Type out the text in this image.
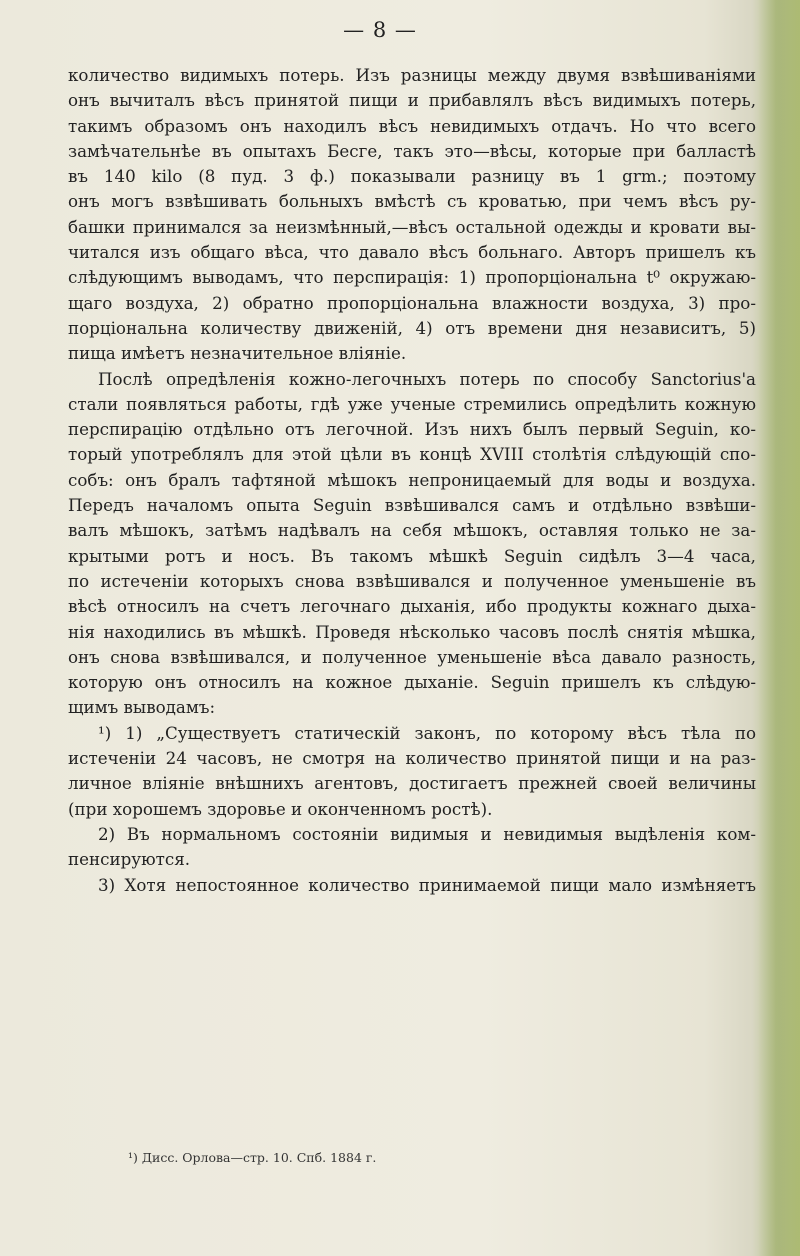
— 8 —

количество видимыхъ потерь. Изъ разницы между двумя взвѣшиваніями
онъ вычиталъ вѣсъ принятой пищи и прибавлялъ вѣсъ видимыхъ потерь,
такимъ образомъ онъ находилъ вѣсъ невидимыхъ отдачъ. Но что всего
замѣчательнѣе въ опытахъ Бесге, такъ это—вѣсы, которые при балластѣ
въ 140 kilo (8 пуд. 3 ф.) показывали разницу въ 1 grm.; поэтому
онъ могъ взвѣшивать больныхъ вмѣстѣ съ кроватью, при чемъ вѣсъ ру-
башки принимался за неизмѣнный,—вѣсъ остальной одежды и кровати вы-
читался изъ общаго вѣса, что давало вѣсъ больнаго. Авторъ пришелъ къ
слѣдующимъ выводамъ, что перспирація: 1) пропорціональна t⁰ окружаю-
щаго воздуха, 2) обратно пропорціональна влажности воздуха, 3) про-
порціональна количеству движеній, 4) отъ времени дня независитъ, 5)
пища имѣетъ незначительное вліяніе.

Послѣ опредѣленія кожно-легочныхъ потерь по способу Sanctorius'а
стали появляться работы, гдѣ уже ученые стремились опредѣлить кожную
перспирацію отдѣльно отъ легочной. Изъ нихъ былъ первый Seguin, ко-
торый употреблялъ для этой цѣли въ концѣ XVIII столѣтія слѣдующій спо-
собъ: онъ бралъ тафтяной мѣшокъ непроницаемый для воды и воздуха.
Передъ началомъ опыта Seguin взвѣшивался самъ и отдѣльно взвѣши-
валъ мѣшокъ, затѣмъ надѣвалъ на себя мѣшокъ, оставляя только не за-
крытыми ротъ и носъ. Въ такомъ мѣшкѣ Seguin сидѣлъ 3—4 часа,
по истеченіи которыхъ снова взвѣшивался и полученное уменьшеніе въ
вѣсѣ относилъ на счетъ легочнаго дыханія, ибо продукты кожнаго дыха-
нія находились въ мѣшкѣ. Проведя нѣсколько часовъ послѣ снятія мѣшка,
онъ снова взвѣшивался, и полученное уменьшеніе вѣса давало разность,
которую онъ относилъ на кожное дыханіе. Seguin пришелъ къ слѣдую-
щимъ выводамъ:

¹) 1) „Существуетъ статическій законъ, по которому вѣсъ тѣла по
истеченіи 24 часовъ, не смотря на количество принятой пищи и на раз-
личное вліяніе внѣшнихъ агентовъ, достигаетъ прежней своей величины
(при хорошемъ здоровье и оконченномъ ростѣ).

2) Въ нормальномъ состояніи видимыя и невидимыя выдѣленія ком-
пенсируются.

3) Хотя непостоянное количество принимаемой пищи мало измѣняетъ

¹) Дисс. Орлова—стр. 10. Спб. 1884 г.
